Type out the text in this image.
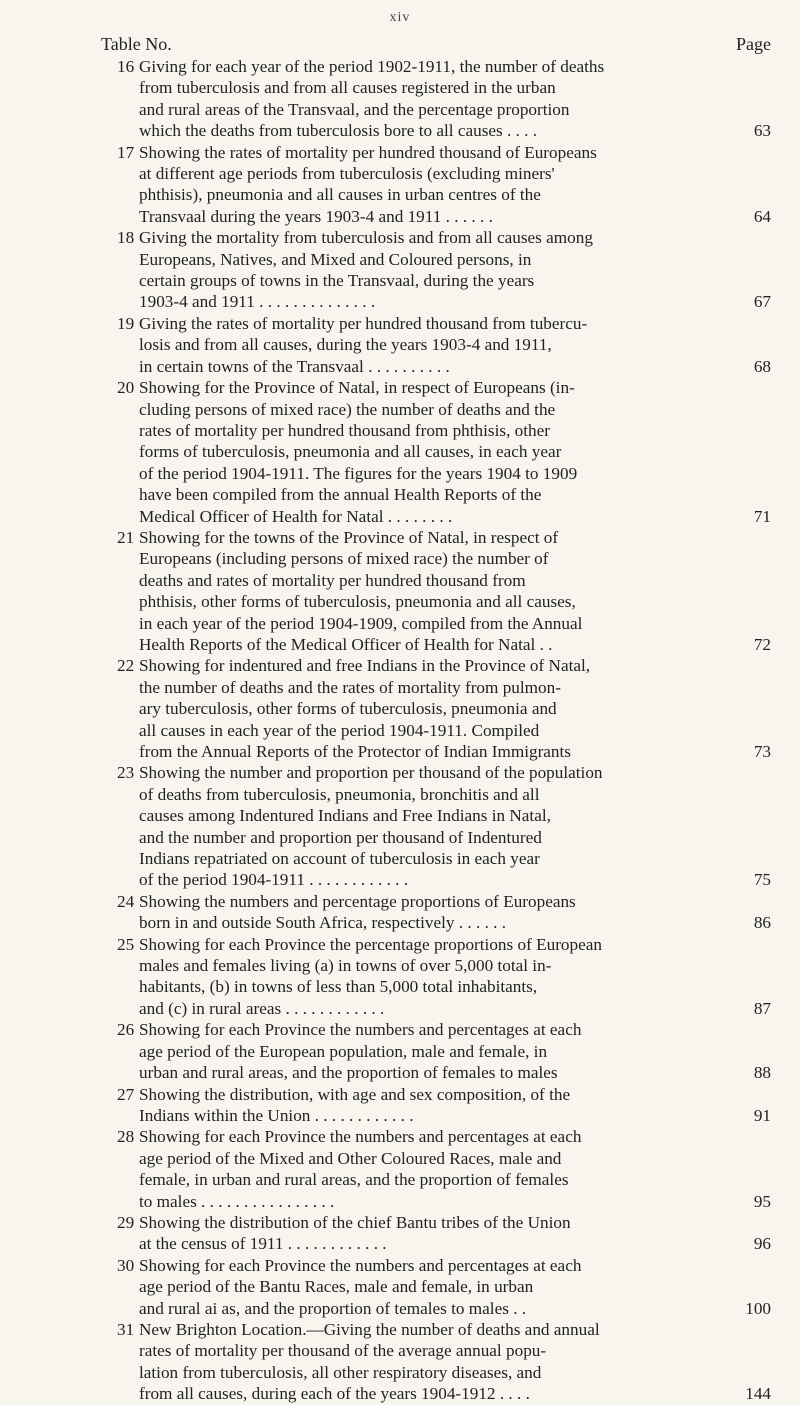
xiv
Table No.	Page
16 Giving for each year of the period 1902-1911, the number of deaths
from tuberculosis and from all causes registered in the urban
and rural areas of the Transvaal, and the percentage proportion
which the deaths from tuberculosis bore to all causes . . . .	63
17 Showing the rates of mortality per hundred thousand of Europeans
at different age periods from tuberculosis (excluding miners'
phthisis), pneumonia and all causes in urban centres of the
Transvaal during the years 1903-4 and 1911 . . . . . .	64
18 Giving the mortality from tuberculosis and from all causes among
Europeans, Natives, and Mixed and Coloured persons, in
certain groups of towns in the Transvaal, during the years
1903-4 and 1911 . . . . . . . . . . . . . .	67
19 Giving the rates of mortality per hundred thousand from tubercu-
losis and from all causes, during the years 1903-4 and 1911,
in certain towns of the Transvaal . . . . . . . . . .	68
20 Showing for the Province of Natal, in respect of Europeans (in-
cluding persons of mixed race) the number of deaths and the
rates of mortality per hundred thousand from phthisis, other
forms of tuberculosis, pneumonia and all causes, in each year
of the period 1904-1911. The figures for the years 1904 to 1909
have been compiled from the annual Health Reports of the
Medical Officer of Health for Natal . . . . . . . .	71
21 Showing for the towns of the Province of Natal, in respect of
Europeans (including persons of mixed race) the number of
deaths and rates of mortality per hundred thousand from
phthisis, other forms of tuberculosis, pneumonia and all causes,
in each year of the period 1904-1909, compiled from the Annual
Health Reports of the Medical Officer of Health for Natal . .	72
22 Showing for indentured and free Indians in the Province of Natal,
the number of deaths and the rates of mortality from pulmon-
ary tuberculosis, other forms of tuberculosis, pneumonia and
all causes in each year of the period 1904-1911. Compiled
from the Annual Reports of the Protector of Indian Immigrants	73
23 Showing the number and proportion per thousand of the population
of deaths from tuberculosis, pneumonia, bronchitis and all
causes among Indentured Indians and Free Indians in Natal,
and the number and proportion per thousand of Indentured
Indians repatriated on account of tuberculosis in each year
of the period 1904-1911 . . . . . . . . . . . .	75
24 Showing the numbers and percentage proportions of Europeans
born in and outside South Africa, respectively . . . . . .	86
25 Showing for each Province the percentage proportions of European
males and females living (a) in towns of over 5,000 total in-
habitants, (b) in towns of less than 5,000 total inhabitants,
and (c) in rural areas . . . . . . . . . . . .	87
26 Showing for each Province the numbers and percentages at each
age period of the European population, male and female, in
urban and rural areas, and the proportion of females to males	88
27 Showing the distribution, with age and sex composition, of the
Indians within the Union . . . . . . . . . . . .	91
28 Showing for each Province the numbers and percentages at each
age period of the Mixed and Other Coloured Races, male and
female, in urban and rural areas, and the proportion of females
to males . . . . . . . . . . . . . . . .	95
29 Showing the distribution of the chief Bantu tribes of the Union
at the census of 1911 . . . . . . . . . . . .	96
30 Showing for each Province the numbers and percentages at each
age period of the Bantu Races, male and female, in urban
and rural ai as, and the proportion of temales to males . .	100
31 New Brighton Location.—Giving the number of deaths and annual
rates of mortality per thousand of the average annual popu-
lation from tuberculosis, all other respiratory diseases, and
from all causes, during each of the years 1904-1912 . . . .	144
